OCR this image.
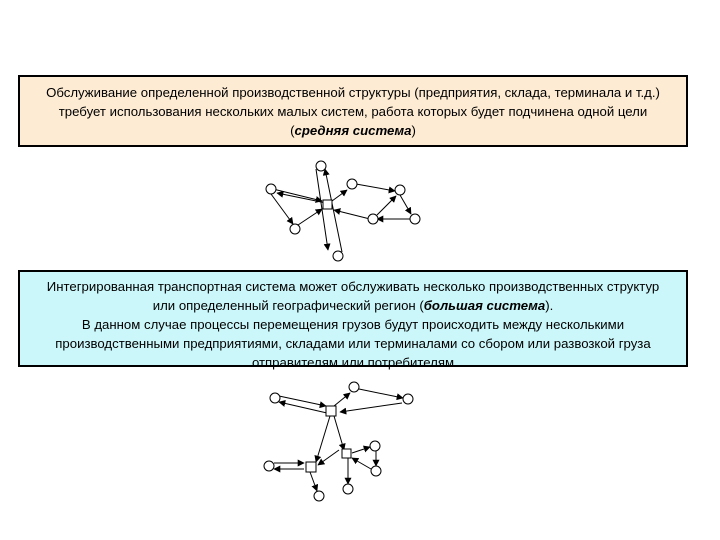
Обслуживание определенной производственной структуры (предприятия, склада, терминала и т.д.)
требует использования нескольких малых систем, работа которых будет подчинена одной цели
(средняя система)
Интегрированная транспортная система может обслуживать несколько производственных структур
или определенный географический регион (большая система).
В данном случае процессы перемещения грузов будут происходить между несколькими
производственными предприятиями, складами или терминалами со сбором или развозкой груза
отправителям или потребителям
